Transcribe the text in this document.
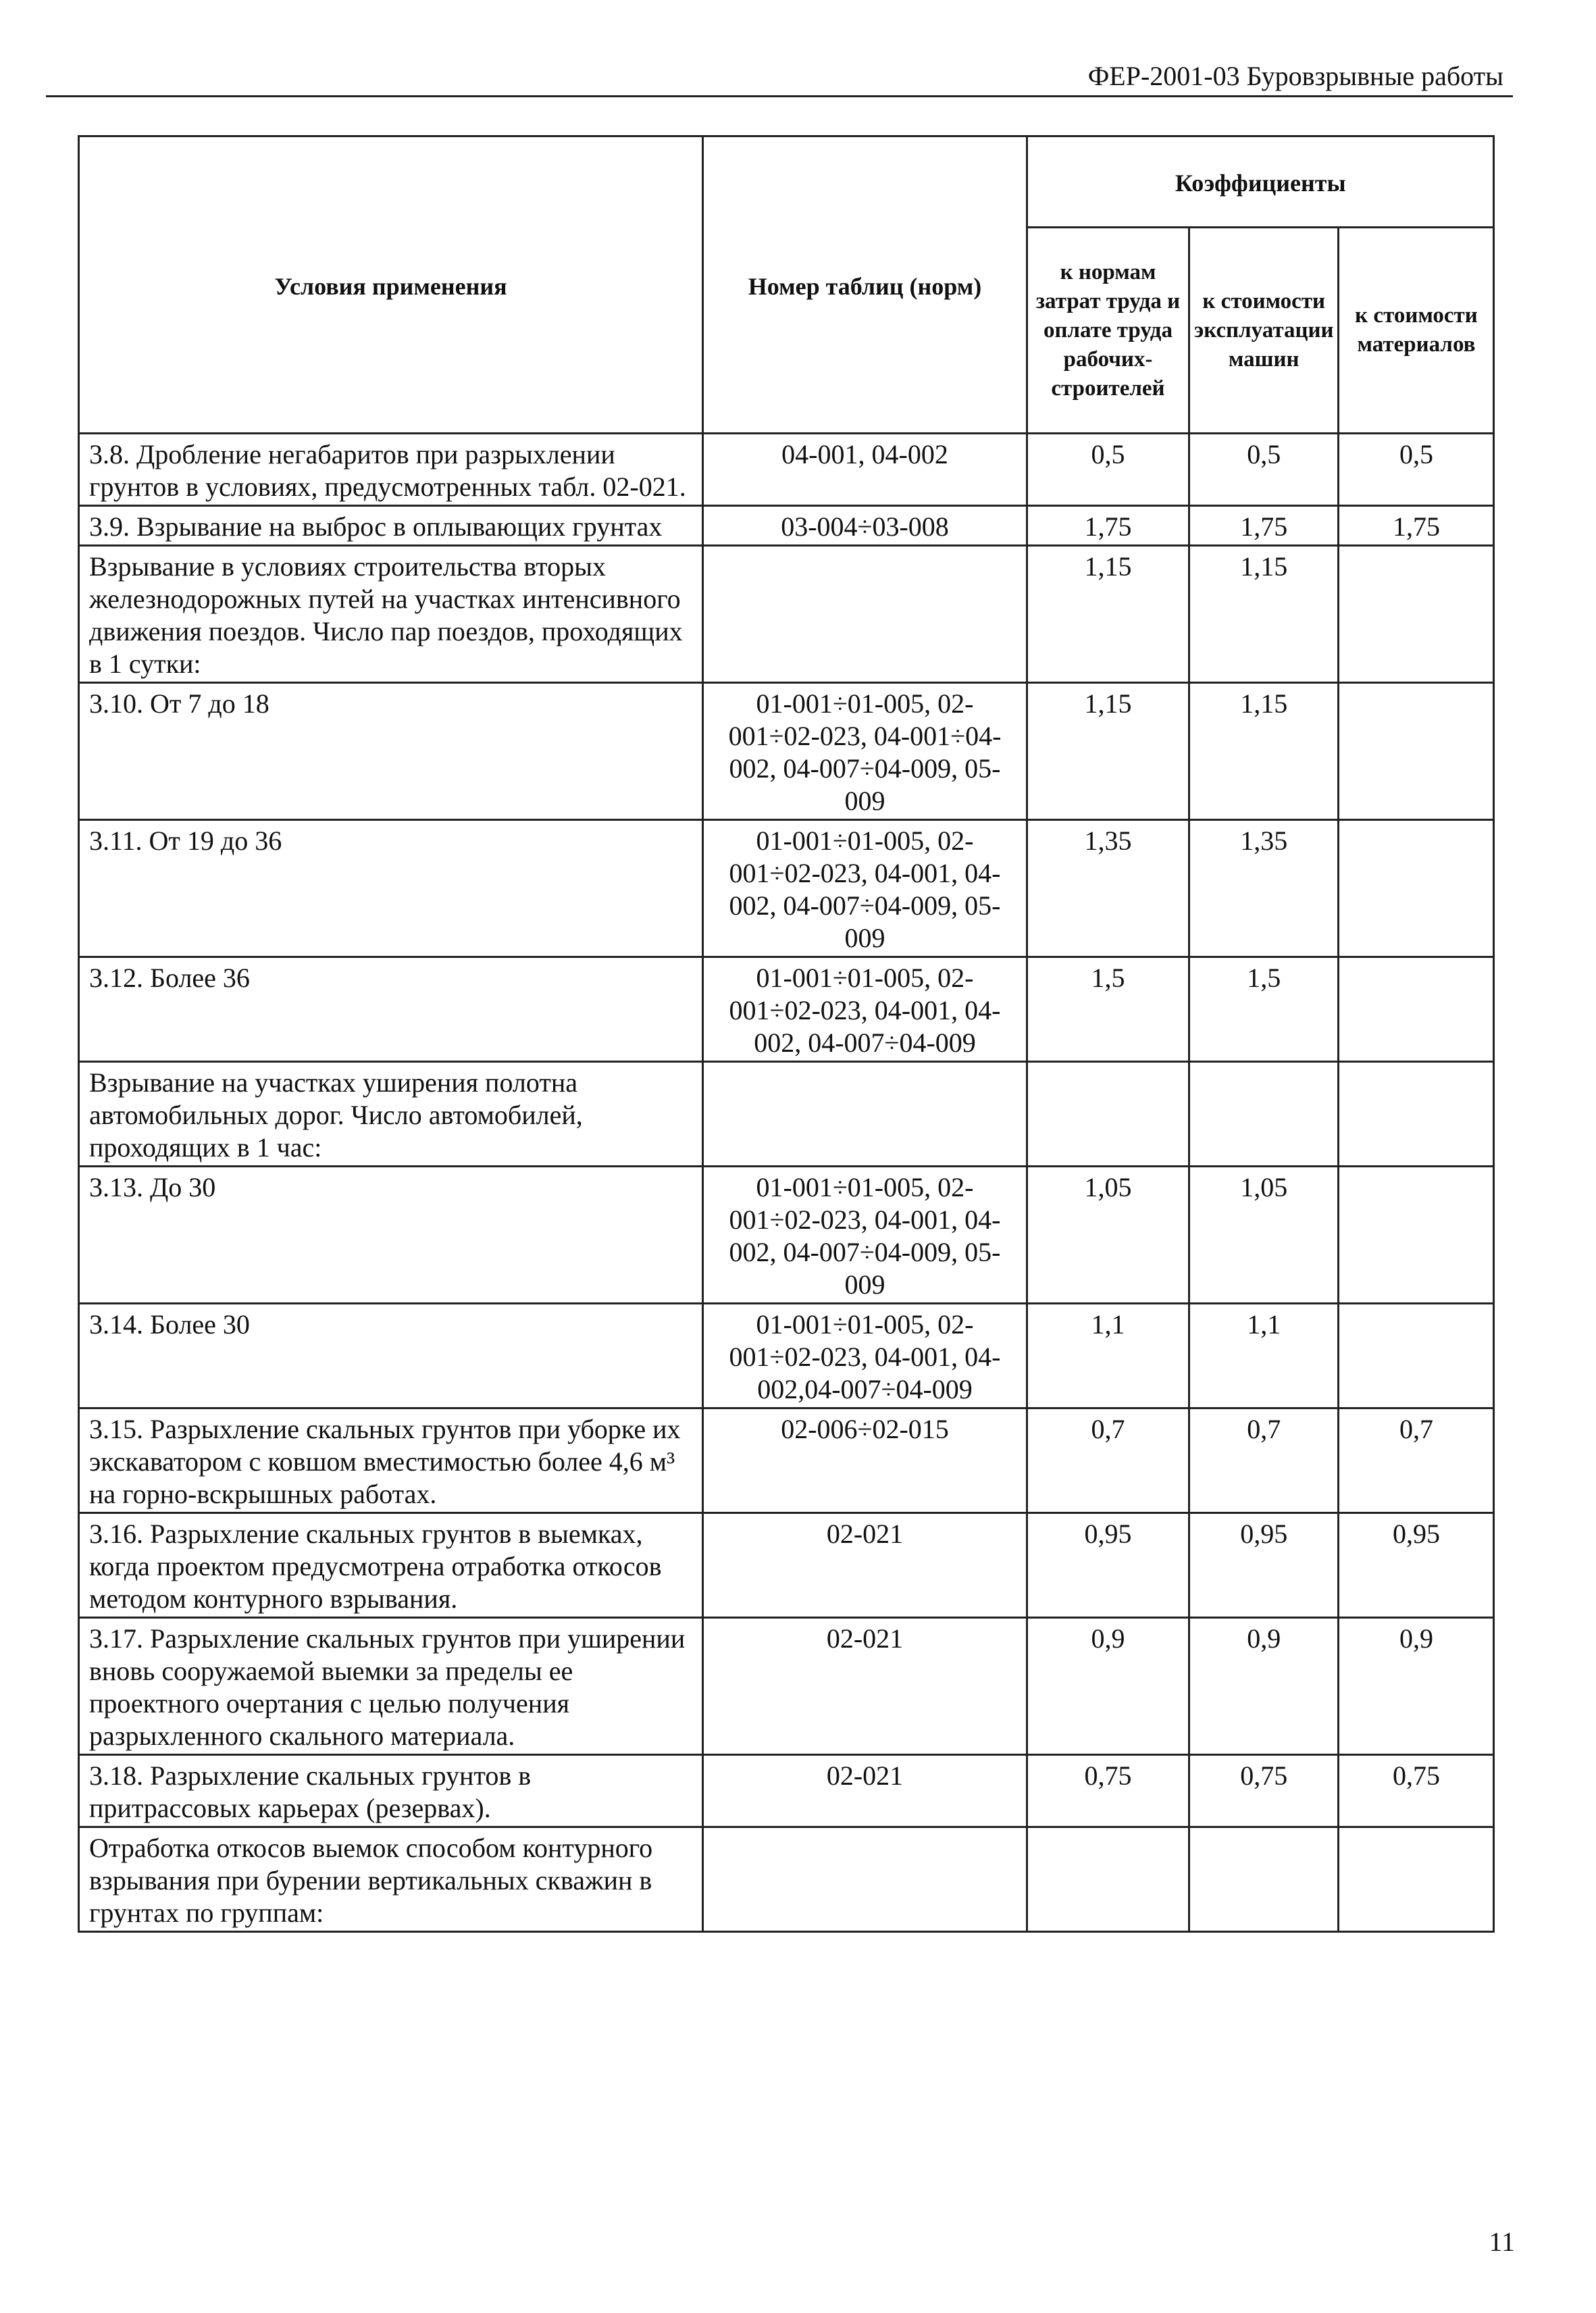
ФЕР-2001-03 Буровзрывные работы
Условия применения	Номер таблиц (норм)	Коэффициенты		
		к нормам затрат труда и оплате труда рабочих-строителей	к стоимости эксплуатации машин	к стоимости материалов
3.8. Дробление негабаритов при разрыхлении грунтов в условиях, предусмотренных табл. 02-021.	04-001, 04-002	0,5	0,5	0,5
3.9. Взрывание на выброс в оплывающих грунтах	03-004÷03-008	1,75	1,75	1,75
Взрывание в условиях строительства вторых железнодорожных путей на участках интенсивного движения поездов. Число пар поездов, проходящих в 1 сутки:		1,15	1,15	
3.10. От 7 до 18	01-001÷01-005, 02-001÷02-023, 04-001÷04-002, 04-007÷04-009, 05-009	1,15	1,15	
3.11. От 19 до 36	01-001÷01-005, 02-001÷02-023, 04-001, 04-002, 04-007÷04-009, 05-009	1,35	1,35	
3.12. Более 36	01-001÷01-005, 02-001÷02-023, 04-001, 04-002, 04-007÷04-009	1,5	1,5	
Взрывание на участках уширения полотна автомобильных дорог. Число автомобилей, проходящих в 1 час:				
3.13. До 30	01-001÷01-005, 02-001÷02-023, 04-001, 04-002, 04-007÷04-009, 05-009	1,05	1,05	
3.14. Более 30	01-001÷01-005, 02-001÷02-023, 04-001, 04-002,04-007÷04-009	1,1	1,1	
3.15. Разрыхление скальных грунтов при уборке их экскаватором с ковшом вместимостью более 4,6 м³ на горно-вскрышных работах.	02-006÷02-015	0,7	0,7	0,7
3.16. Разрыхление скальных грунтов в выемках, когда проектом предусмотрена отработка откосов методом контурного взрывания.	02-021	0,95	0,95	0,95
3.17. Разрыхление скальных грунтов при уширении вновь сооружаемой выемки за пределы ее проектного очертания с целью получения разрыхленного скального материала.	02-021	0,9	0,9	0,9
3.18. Разрыхление скальных грунтов в притрассовых карьерах (резервах).	02-021	0,75	0,75	0,75
Отработка откосов выемок способом контурного взрывания при бурении вертикальных скважин в грунтах по группам:				
11
